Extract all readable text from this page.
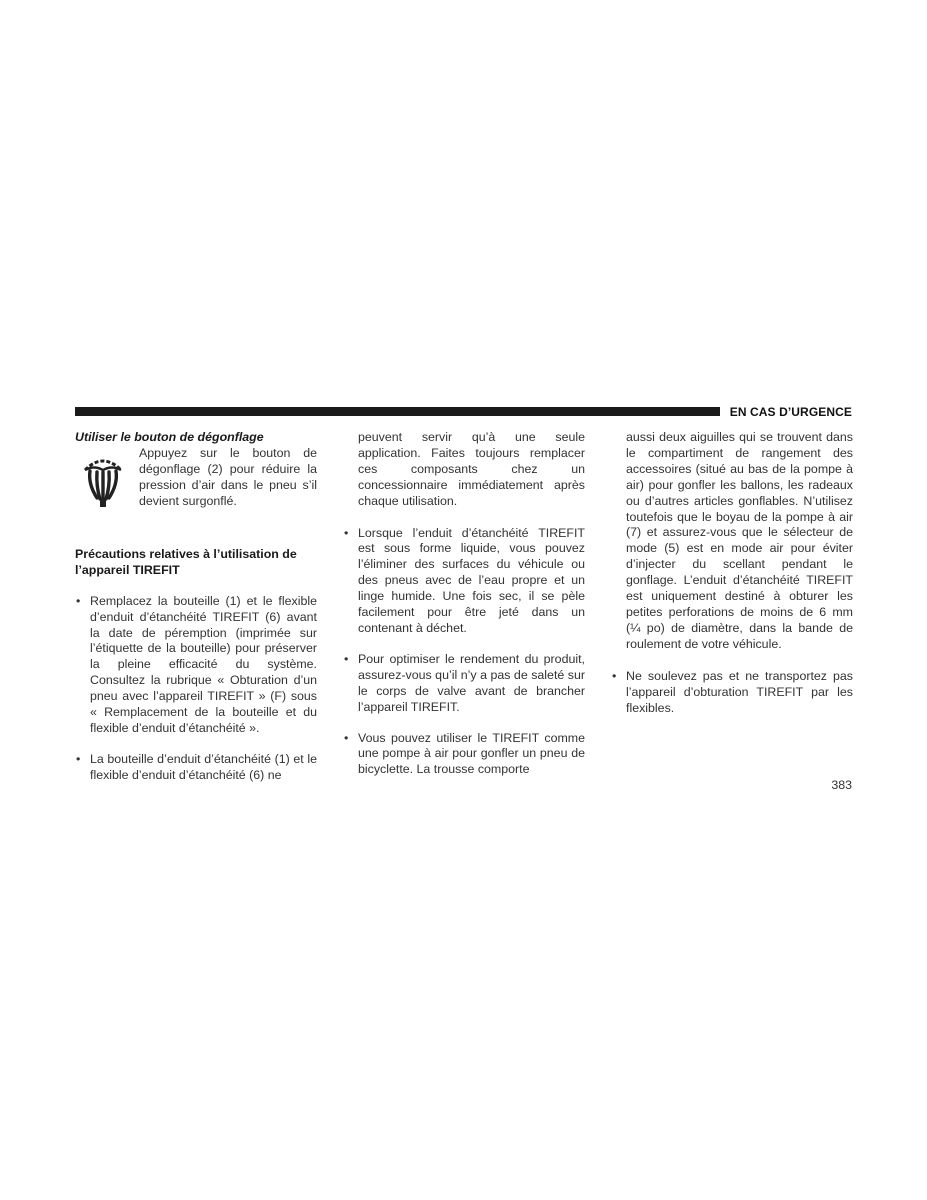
EN CAS D’URGENCE

Utiliser le bouton de dégonflage

Appuyez sur le bouton de dégonflage (2) pour réduire la pression d’air dans le pneu s’il devient surgonflé.

Précautions relatives à l’utilisation de l’appareil TIREFIT

• Remplacez la bouteille (1) et le flexible d’enduit d’étanchéité TIREFIT (6) avant la date de péremption (imprimée sur l’étiquette de la bouteille) pour préserver la pleine efficacité du système. Consultez la rubrique « Obturation d’un pneu avec l’appareil TIREFIT » (F) sous « Remplacement de la bouteille et du flexible d’enduit d’étanchéité ».
• La bouteille d’enduit d’étanchéité (1) et le flexible d’enduit d’étanchéité (6) ne

peuvent servir qu’à une seule application. Faites toujours remplacer ces composants chez un concessionnaire immédiatement après chaque utilisation.

• Lorsque l’enduit d’étanchéité TIREFIT est sous forme liquide, vous pouvez l’éliminer des surfaces du véhicule ou des pneus avec de l’eau propre et un linge humide. Une fois sec, il se pèle facilement pour être jeté dans un contenant à déchet.
• Pour optimiser le rendement du produit, assurez-vous qu’il n’y a pas de saleté sur le corps de valve avant de brancher l’appareil TIREFIT.
• Vous pouvez utiliser le TIREFIT comme une pompe à air pour gonfler un pneu de bicyclette. La trousse comporte

aussi deux aiguilles qui se trouvent dans le compartiment de rangement des accessoires (situé au bas de la pompe à air) pour gonfler les ballons, les radeaux ou d’autres articles gonflables. N’utilisez toutefois que le boyau de la pompe à air (7) et assurez-vous que le sélecteur de mode (5) est en mode air pour éviter d’injecter du scellant pendant le gonflage. L’enduit d’étanchéité TIREFIT est uniquement destiné à obturer les petites perforations de moins de 6 mm (¼ po) de diamètre, dans la bande de roulement de votre véhicule.

• Ne soulevez pas et ne transportez pas l’appareil d’obturation TIREFIT par les flexibles.
383
